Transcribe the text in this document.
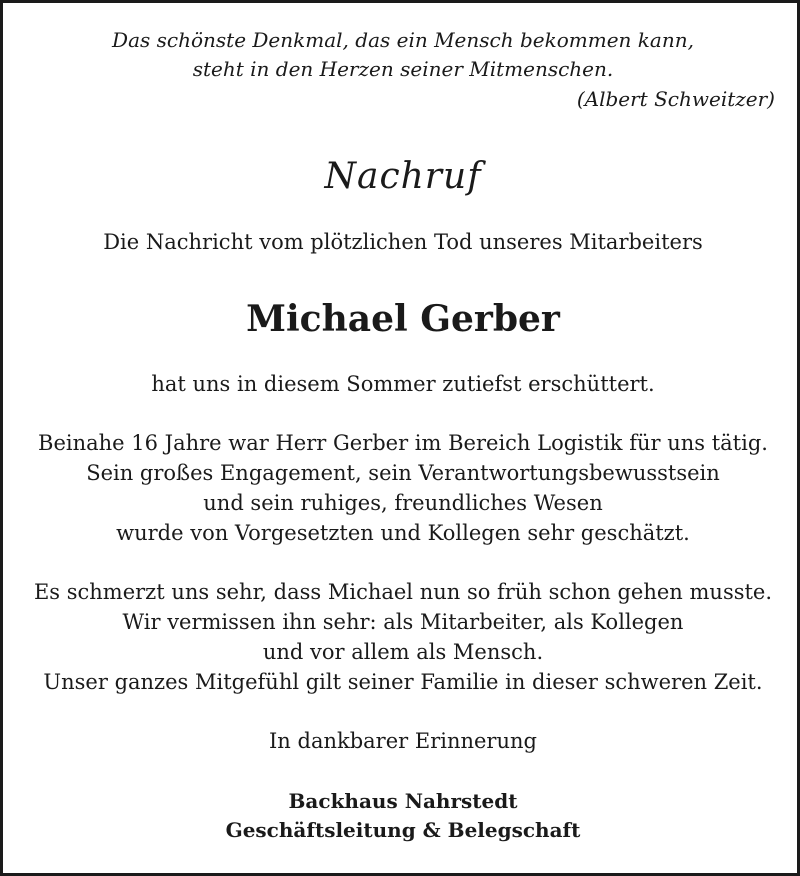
Das schönste Denkmal, das ein Mensch bekommen kann,
steht in den Herzen seiner Mitmenschen.
(Albert Schweitzer)
Nachruf
Die Nachricht vom plötzlichen Tod unseres Mitarbeiters
Michael Gerber
hat uns in diesem Sommer zutiefst erschüttert.
Beinahe 16 Jahre war Herr Gerber im Bereich Logistik für uns tätig.
Sein großes Engagement, sein Verantwortungsbewusstsein
und sein ruhiges, freundliches Wesen
wurde von Vorgesetzten und Kollegen sehr geschätzt.
Es schmerzt uns sehr, dass Michael nun so früh schon gehen musste.
Wir vermissen ihn sehr: als Mitarbeiter, als Kollegen
und vor allem als Mensch.
Unser ganzes Mitgefühl gilt seiner Familie in dieser schweren Zeit.
In dankbarer Erinnerung
Backhaus Nahrstedt
Geschäftsleitung & Belegschaft
